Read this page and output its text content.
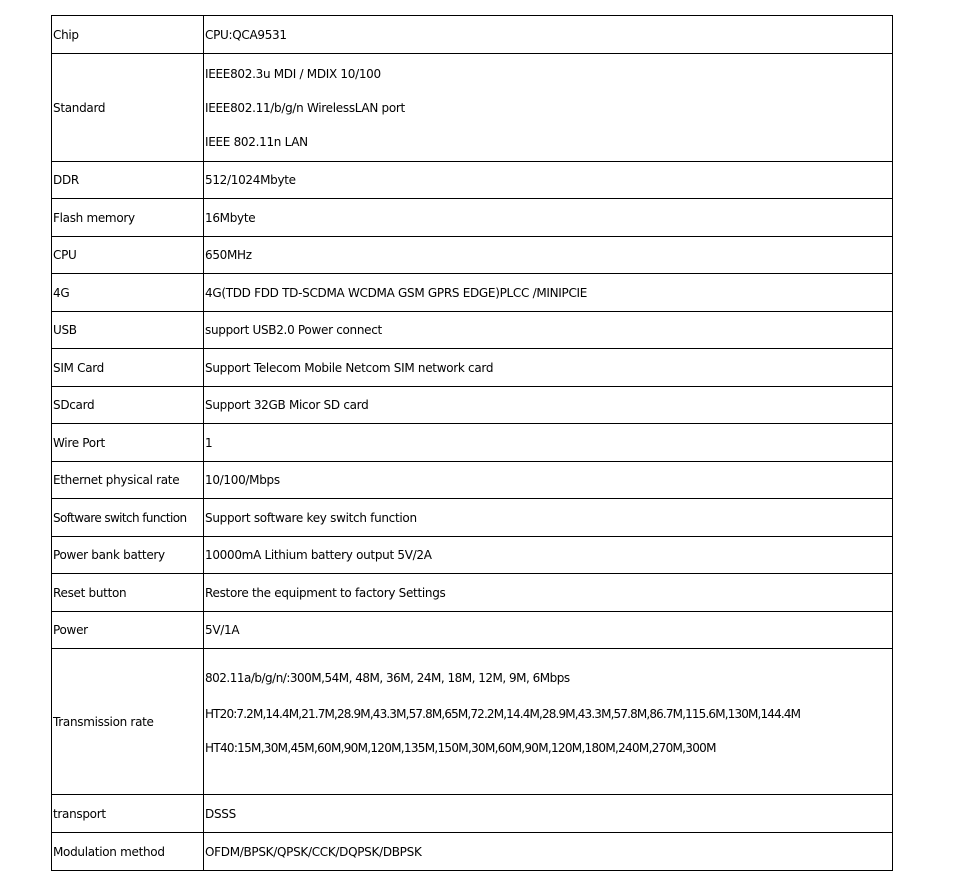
Chip	CPU:QCA9531

Standard	IEEE802.3u MDI / MDIX 10/100
IEEE802.11/b/g/n WirelessLAN port
IEEE 802.11n LAN

DDR	512/1024Mbyte

Flash memory	16Mbyte

CPU	650MHz

4G	4G(TDD FDD TD-SCDMA WCDMA GSM GPRS EDGE)PLCC /MINIPCIE

USB	support USB2.0 Power connect

SIM Card	Support Telecom Mobile Netcom SIM network card

SDcard	Support 32GB Micor SD card

Wire Port	1

Ethernet physical rate	10/100/Mbps

Software switch function	Support software key switch function

Power bank battery	10000mA Lithium battery output 5V/2A

Reset button	Restore the equipment to factory Settings

Power	5V/1A

Transmission rate	802.11a/b/g/n/:300M,54M, 48M, 36M, 24M, 18M, 12M, 9M, 6Mbps
HT20:7.2M,14.4M,21.7M,28.9M,43.3M,57.8M,65M,72.2M,14.4M,28.9M,43.3M,57.8M,86.7M,115.6M,130M,144.4M
HT40:15M,30M,45M,60M,90M,120M,135M,150M,30M,60M,90M,120M,180M,240M,270M,300M

transport	DSSS

Modulation method	OFDM/BPSK/QPSK/CCK/DQPSK/DBPSK
